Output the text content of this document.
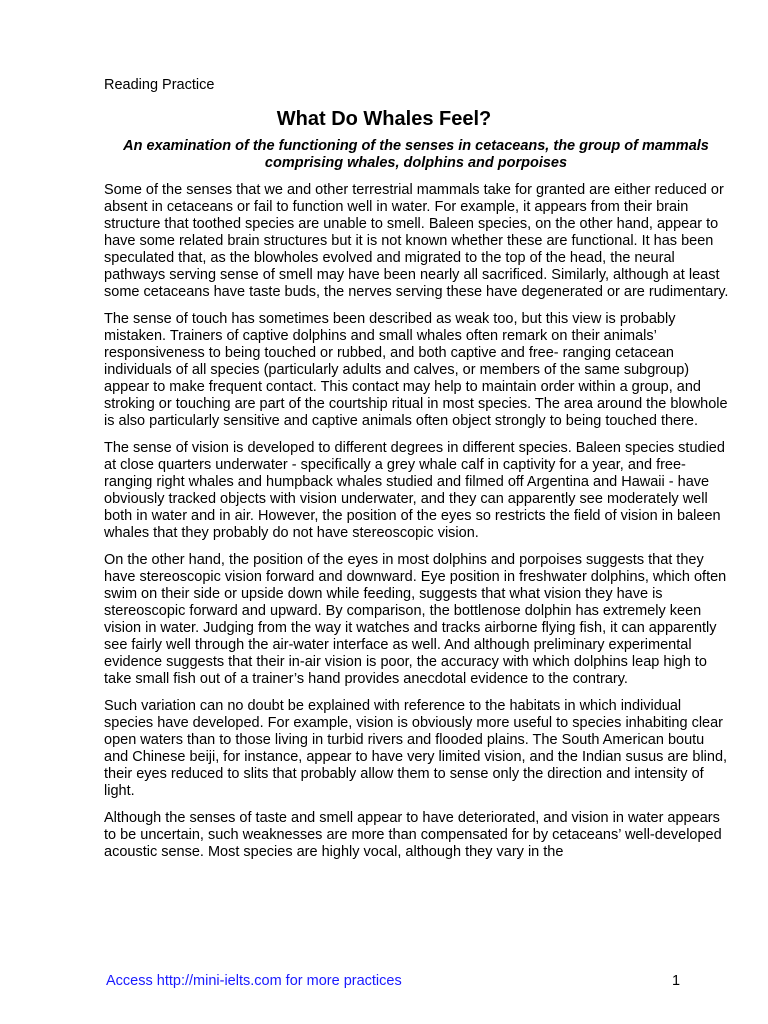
Reading Practice
What Do Whales Feel?
An examination of the functioning of the senses in cetaceans, the group of mammals comprising whales, dolphins and porpoises

Some of the senses that we and other terrestrial mammals take for granted are either reduced or absent in cetaceans or fail to function well in water. For example, it appears from their brain structure that toothed species are unable to smell. Baleen species, on the other hand, appear to have some related brain structures but it is not known whether these are functional. It has been speculated that, as the blowholes evolved and migrated to the top of the head, the neural pathways serving sense of smell may have been nearly all sacrificed. Similarly, although at least some cetaceans have taste buds, the nerves serving these have degenerated or are rudimentary.

The sense of touch has sometimes been described as weak too, but this view is probably mistaken. Trainers of captive dolphins and small whales often remark on their animals’ responsiveness to being touched or rubbed, and both captive and free- ranging cetacean individuals of all species (particularly adults and calves, or members of the same subgroup) appear to make frequent contact. This contact may help to maintain order within a group, and stroking or touching are part of the courtship ritual in most species. The area around the blowhole is also particularly sensitive and captive animals often object strongly to being touched there.

The sense of vision is developed to different degrees in different species. Baleen species studied at close quarters underwater - specifically a grey whale calf in captivity for a year, and free-ranging right whales and humpback whales studied and filmed off Argentina and Hawaii - have obviously tracked objects with vision underwater, and they can apparently see moderately well both in water and in air. However, the position of the eyes so restricts the field of vision in baleen whales that they probably do not have stereoscopic vision.

On the other hand, the position of the eyes in most dolphins and porpoises suggests that they have stereoscopic vision forward and downward. Eye position in freshwater dolphins, which often swim on their side or upside down while feeding, suggests that what vision they have is stereoscopic forward and upward. By comparison, the bottlenose dolphin has extremely keen vision in water. Judging from the way it watches and tracks airborne flying fish, it can apparently see fairly well through the air-water interface as well. And although preliminary experimental evidence suggests that their in-air vision is poor, the accuracy with which dolphins leap high to take small fish out of a trainer’s hand provides anecdotal evidence to the contrary.

Such variation can no doubt be explained with reference to the habitats in which individual species have developed. For example, vision is obviously more useful to species inhabiting clear open waters than to those living in turbid rivers and flooded plains. The South American boutu and Chinese beiji, for instance, appear to have very limited vision, and the Indian susus are blind, their eyes reduced to slits that probably allow them to sense only the direction and intensity of light.

Although the senses of taste and smell appear to have deteriorated, and vision in water appears to be uncertain, such weaknesses are more than compensated for by cetaceans’ well-developed acoustic sense. Most species are highly vocal, although they vary in the

Access http://mini-ielts.com for more practices	1
